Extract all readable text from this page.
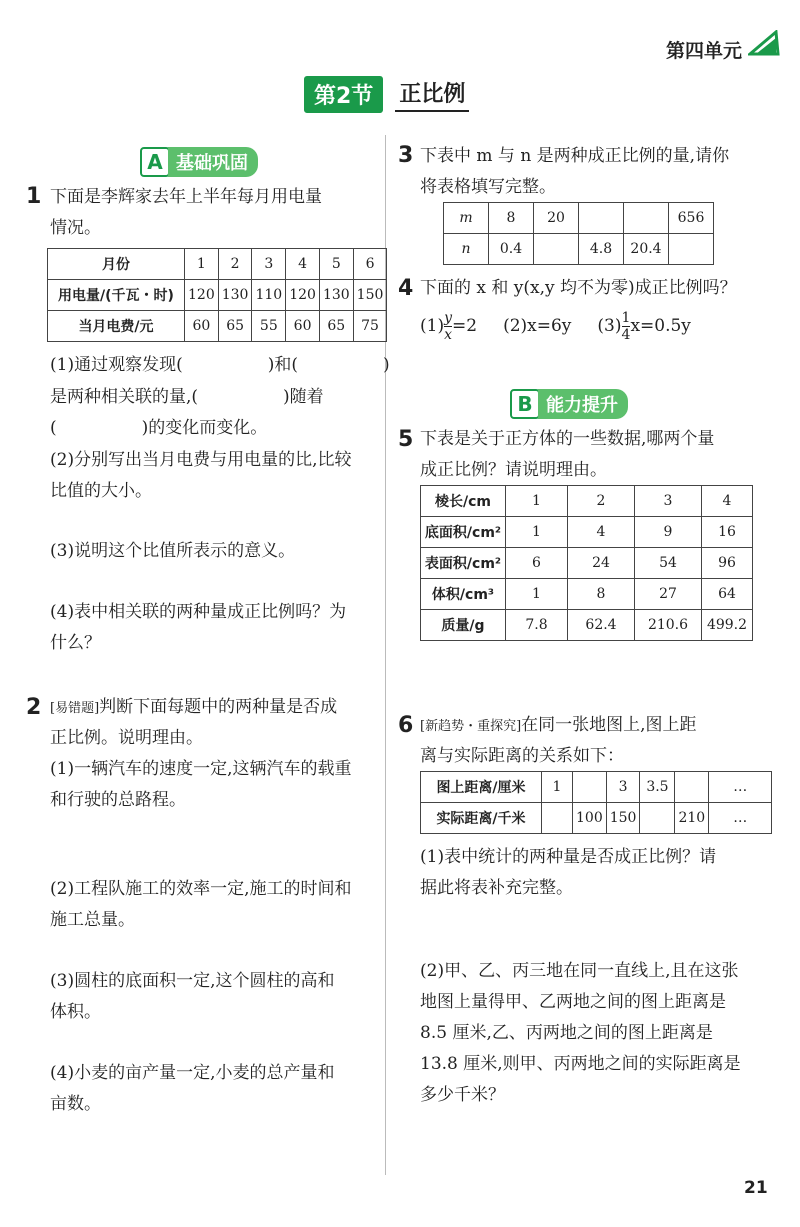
第四单元
第2节	正比例
A 基础巩固
1 下面是李辉家去年上半年每月用电量
情况。
月份	1	2	3	4	5	6
用电量/(千瓦・时)	120	130	110	120	130	150
当月电费/元	60	65	55	60	65	75
(1)通过观察发现(　　　　　)和(　　　　　)
是两种相关联的量,(　　　　　)随着
(　　　　　)的变化而变化。
(2)分别写出当月电费与用电量的比,比较
比值的大小。
(3)说明这个比值所表示的意义。
(4)表中相关联的两种量成正比例吗？为
什么？
2 [易错题]判断下面每题中的两种量是否成
正比例。说明理由。
(1)一辆汽车的速度一定,这辆汽车的载重
和行驶的总路程。
(2)工程队施工的效率一定,施工的时间和
施工总量。
(3)圆柱的底面积一定,这个圆柱的高和
体积。
(4)小麦的亩产量一定,小麦的总产量和
亩数。
3 下表中 m 与 n 是两种成正比例的量,请你
将表格填写完整。
m	8	20			656
n	0.4		4.8	20.4	
4 下面的 x 和 y(x,y 均不为零)成正比例吗？
$(1) \frac{y}{x} =2$ (2)x=6y $(3) \frac{1}{4} x=0.5y$
B 能力提升
5 下表是关于正方体的一些数据,哪两个量
成正比例？请说明理由。
棱长/cm	1	2	3	4
底面积/cm²	1	4	9	16
表面积/cm²	6	24	54	96
体积/cm³	1	8	27	64
质量/g	7.8	62.4	210.6	499.2
6 [新趋势・重探究]在同一张地图上,图上距
离与实际距离的关系如下：
图上距离/厘米	1		3	3.5		…
实际距离/千米		100	150		210	…
(1)表中统计的两种量是否成正比例？请
据此将表补充完整。
(2)甲、乙、丙三地在同一直线上,且在这张
地图上量得甲、乙两地之间的图上距离是
8.5 厘米,乙、丙两地之间的图上距离是
13.8 厘米,则甲、丙两地之间的实际距离是
多少千米？
21
